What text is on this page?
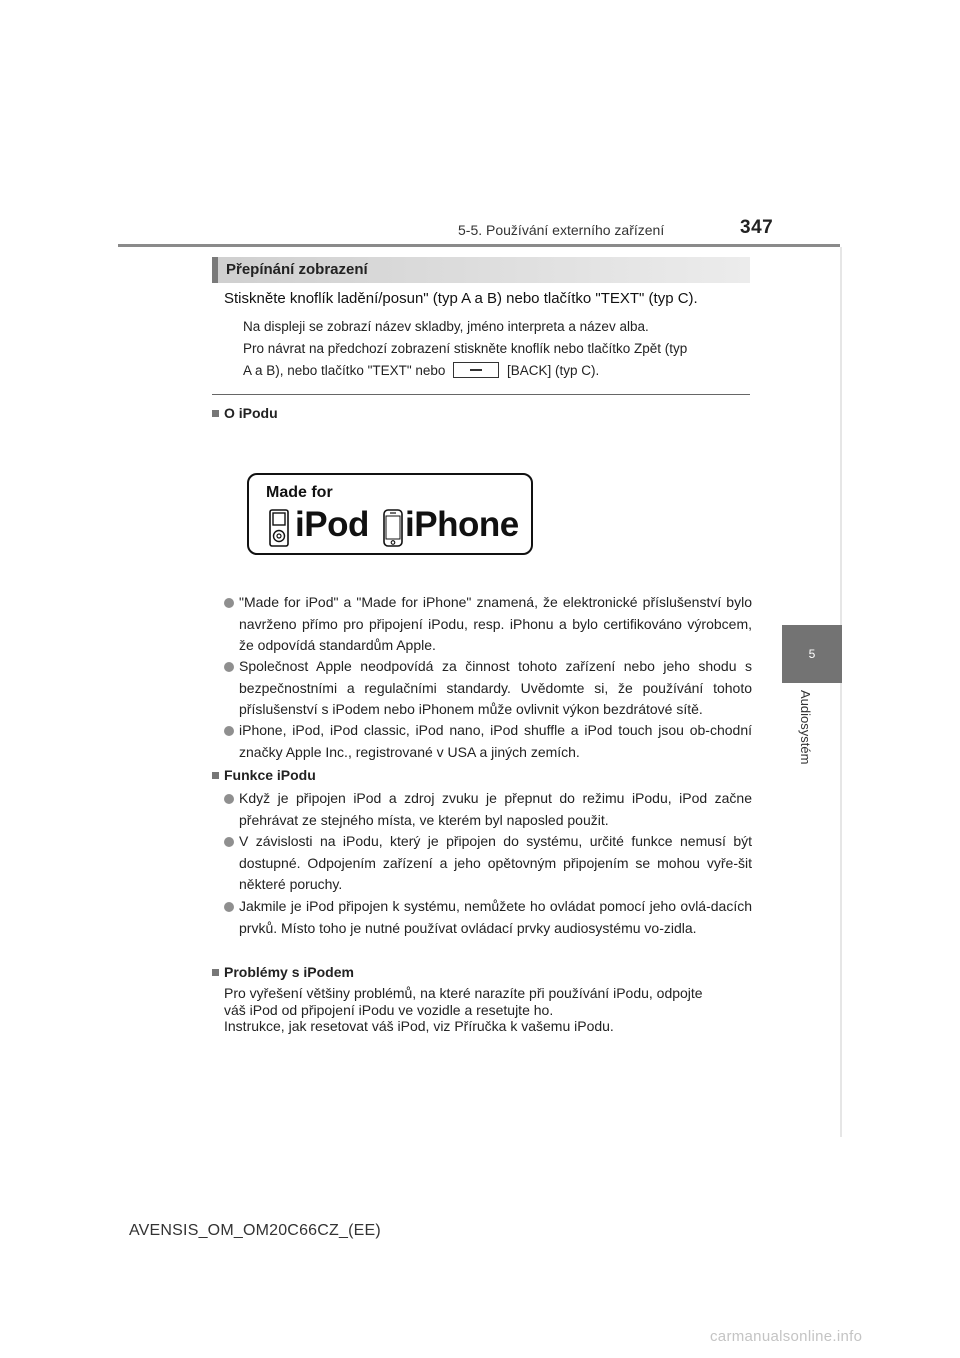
5-5. Používání externího zařízení	347
5
Audiosystém
Přepínání zobrazení
Stiskněte knoflík ladění/posun" (typ A a B) nebo tlačítko "TEXT" (typ C).
Na displeji se zobrazí název skladby, jméno interpreta a název alba.
Pro návrat na předchozí zobrazení stiskněte knoflík nebo tlačítko Zpět (typ
A a B), nebo tlačítko "TEXT" nebo	[BACK] (typ C).
O iPodu
Made for
iPod iPhone
"Made for iPod" a "Made for iPhone" znamená, že elektronické příslušenství bylo navrženo přímo pro připojení iPodu, resp. iPhonu a bylo certifikováno výrobcem, že odpovídá standardům Apple.
Společnost Apple neodpovídá za činnost tohoto zařízení nebo jeho shodu s bezpečnostními a regulačními standardy. Uvědomte si, že používání tohoto příslušenství s iPodem nebo iPhonem může ovlivnit výkon bezdrátové sítě.
iPhone, iPod, iPod classic, iPod nano, iPod shuffle a iPod touch jsou ob-chodní značky Apple Inc., registrované v USA a jiných zemích.
Funkce iPodu
Když je připojen iPod a zdroj zvuku je přepnut do režimu iPodu, iPod začne přehrávat ze stejného místa, ve kterém byl naposled použit.
V závislosti na iPodu, který je připojen do systému, určité funkce nemusí být dostupné. Odpojením zařízení a jeho opětovným připojením se mohou vyře-šit některé poruchy.
Jakmile je iPod připojen k systému, nemůžete ho ovládat pomocí jeho ovlá-dacích prvků. Místo toho je nutné používat ovládací prvky audiosystému vo-zidla.
Problémy s iPodem
Pro vyřešení většiny problémů, na které narazíte při používání iPodu, odpojte
váš iPod od připojení iPodu ve vozidle a resetujte ho.
Instrukce, jak resetovat váš iPod, viz Příručka k vašemu iPodu.
AVENSIS_OM_OM20C66CZ_(EE)
carmanualsonline.info
